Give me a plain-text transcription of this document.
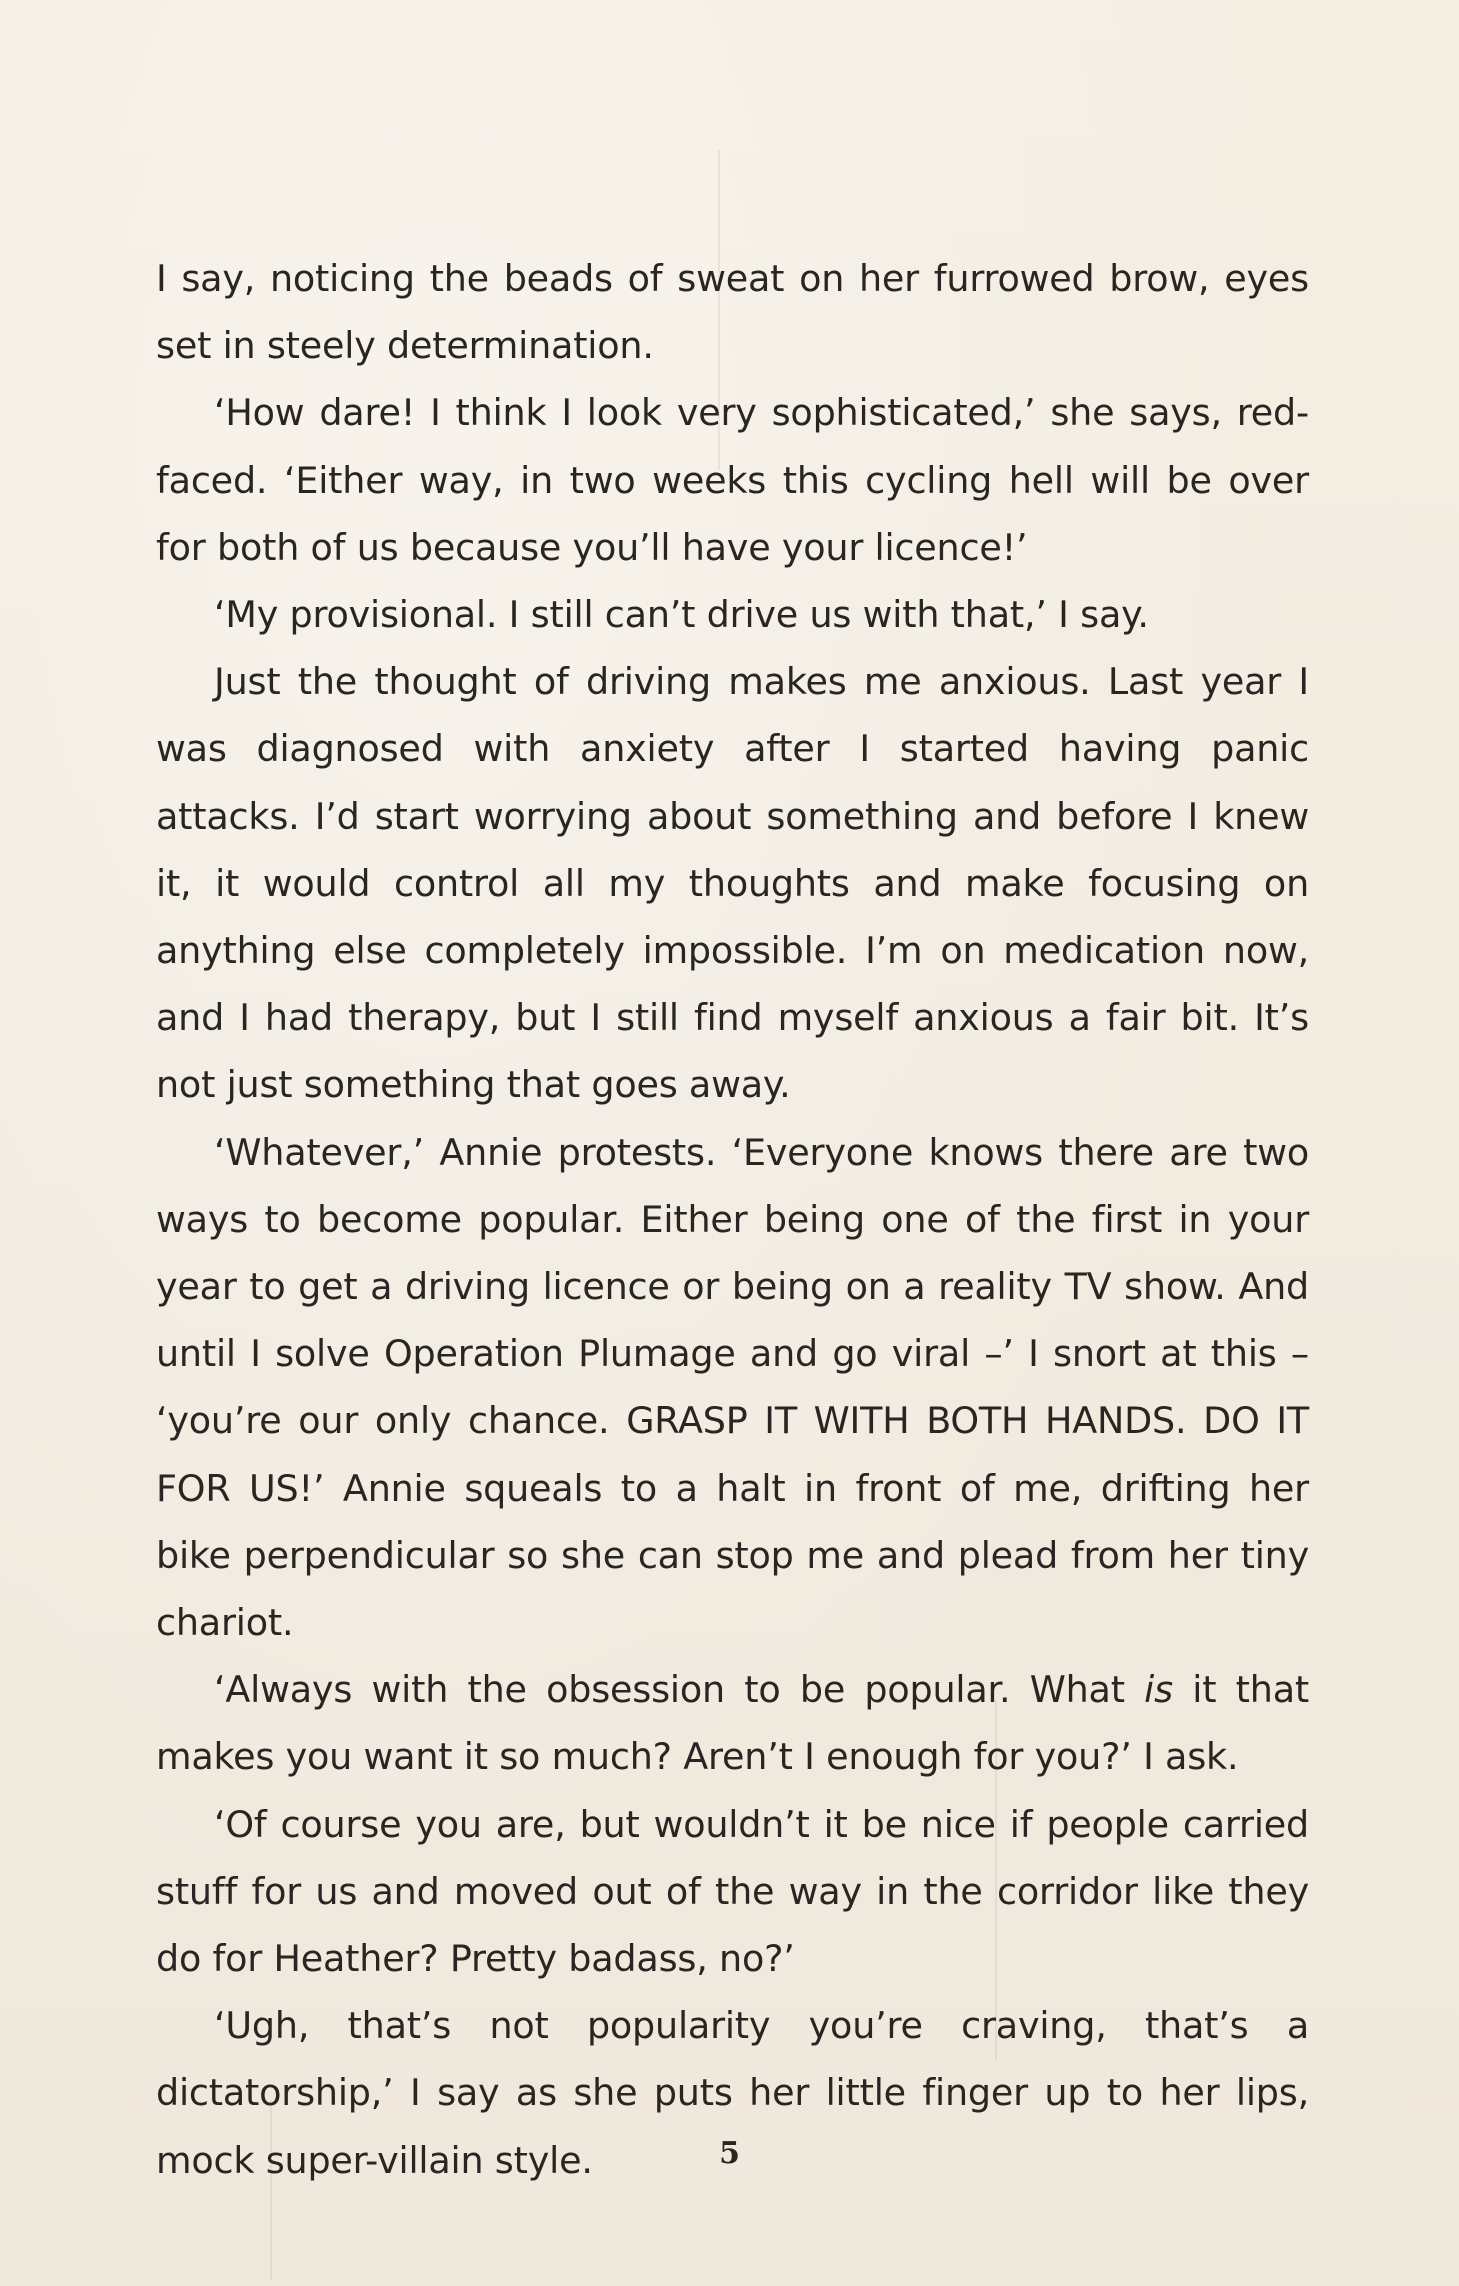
I say, noticing the beads of sweat on her furrowed brow, eyes set in steely determination.

‘How dare! I think I look very sophisticated,’ she says, red-faced. ‘Either way, in two weeks this cycling hell will be over for both of us because you’ll have your licence!’

‘My provisional. I still can’t drive us with that,’ I say.

Just the thought of driving makes me anxious. Last year I was diagnosed with anxiety after I started having panic attacks. I’d start worrying about something and before I knew it, it would control all my thoughts and make focusing on anything else completely impossible. I’m on medication now, and I had therapy, but I still find myself anxious a fair bit. It’s not just something that goes away.

‘Whatever,’ Annie protests. ‘Everyone knows there are two ways to become popular. Either being one of the first in your year to get a driving licence or being on a reality TV show. And until I solve Operation Plumage and go viral –’ I snort at this – ‘you’re our only chance. GRASP IT WITH BOTH HANDS. DO IT FOR US!’ Annie squeals to a halt in front of me, drifting her bike perpendicular so she can stop me and plead from her tiny chariot.

‘Always with the obsession to be popular. What is it that makes you want it so much? Aren’t I enough for you?’ I ask.

‘Of course you are, but wouldn’t it be nice if people carried stuff for us and moved out of the way in the corridor like they do for Heather? Pretty badass, no?’

‘Ugh, that’s not popularity you’re craving, that’s a dictatorship,’ I say as she puts her little finger up to her lips, mock super-villain style.	5
